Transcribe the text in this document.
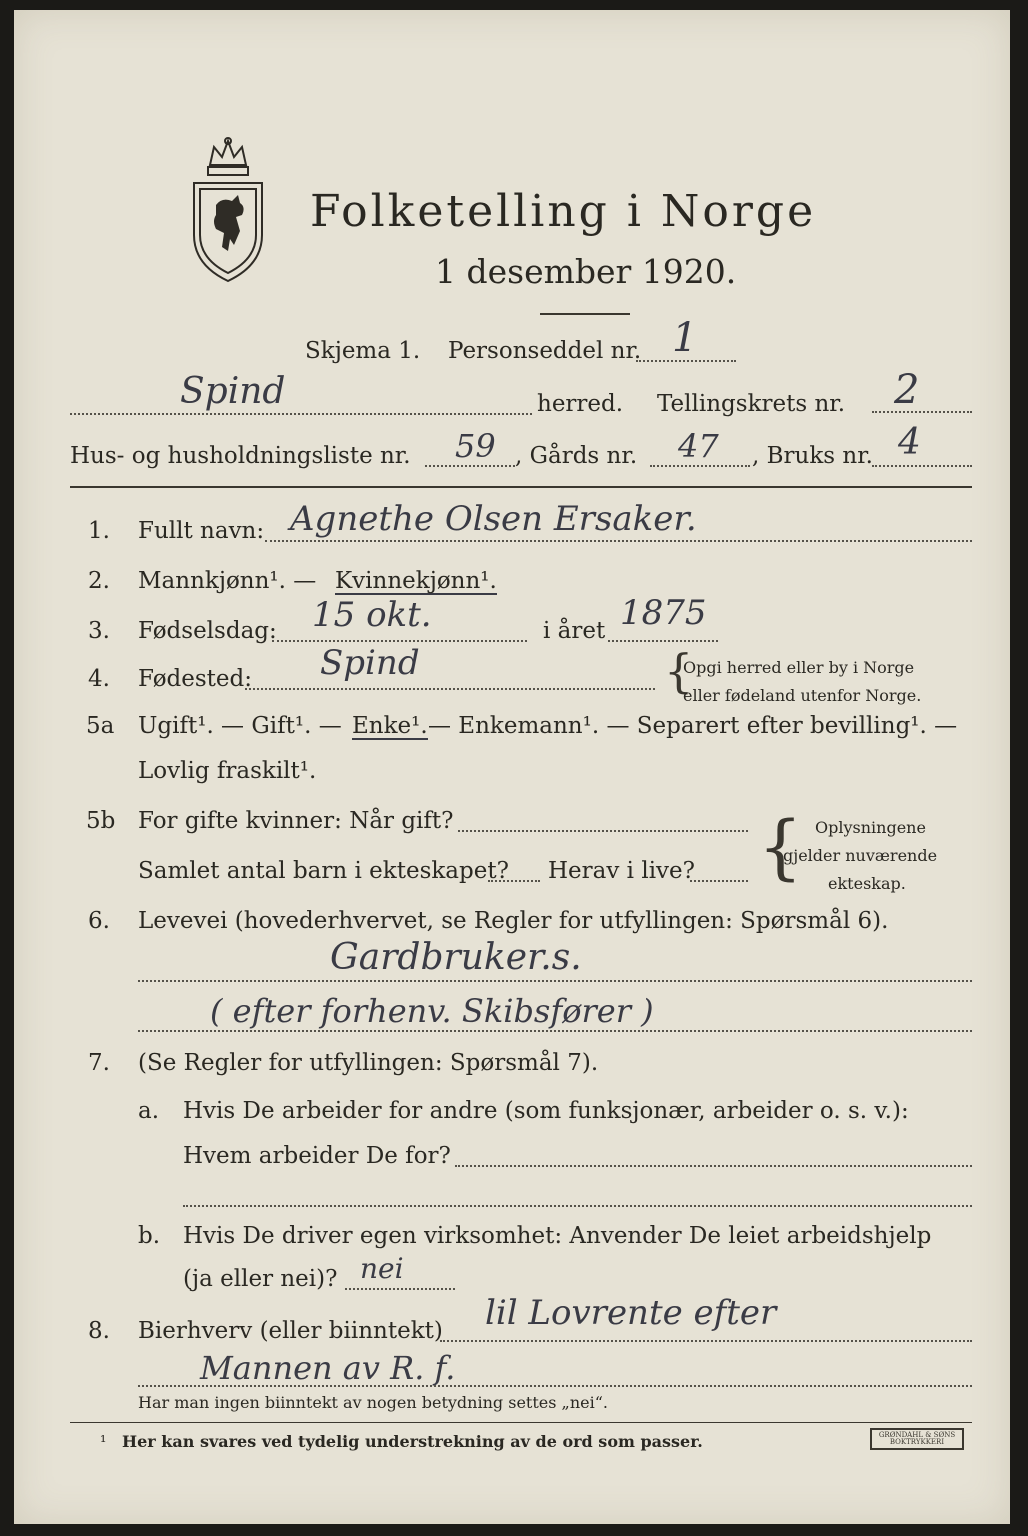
Folketelling i Norge
1 desember 1920.
Skjema 1. Personseddel nr. 1
Spind	herred. Tellingskrets nr. 2
Hus- og husholdningsliste nr. 59 , Gårds nr. 47 , Bruks nr. 4
1. Fullt navn: Agnethe Olsen Ersaker.
2. Mannkjønn¹. — Kvinnekjønn¹.
3. Fødselsdag: 15 okt.	i året 1875
4. Fødested: Spind	{
Opgi herred eller by i Norge
eller fødeland utenfor Norge.
5a Ugift¹. — Gift¹. — Enke¹. — Enkemann¹. — Separert efter bevilling¹. —
Lovlig fraskilt¹.
5b For gifte kvinner: Når gift?
Samlet antal barn i ekteskapet? Herav i live? { Oplysningene
gjelder nuværende
ekteskap.
6. Levevei (hovederhvervet, se Regler for utfyllingen: Spørsmål 6).
Gardbruker.s.
( efter forhenv. Skibsfører )
7. (Se Regler for utfyllingen: Spørsmål 7).
a. Hvis De arbeider for andre (som funksjonær, arbeider o. s. v.):
Hvem arbeider De for?
b. Hvis De driver egen virksomhet: Anvender De leiet arbeidshjelp
(ja eller nei)? nei
8. Bierhverv (eller biinntekt) lil Lovrente efter
Mannen av R. f.
Har man ingen biinntekt av nogen betydning settes „nei“.
¹ Her kan svares ved tydelig understrekning av de ord som passer.	GRØNDAHL & SØNS BOKTRYKKERI
